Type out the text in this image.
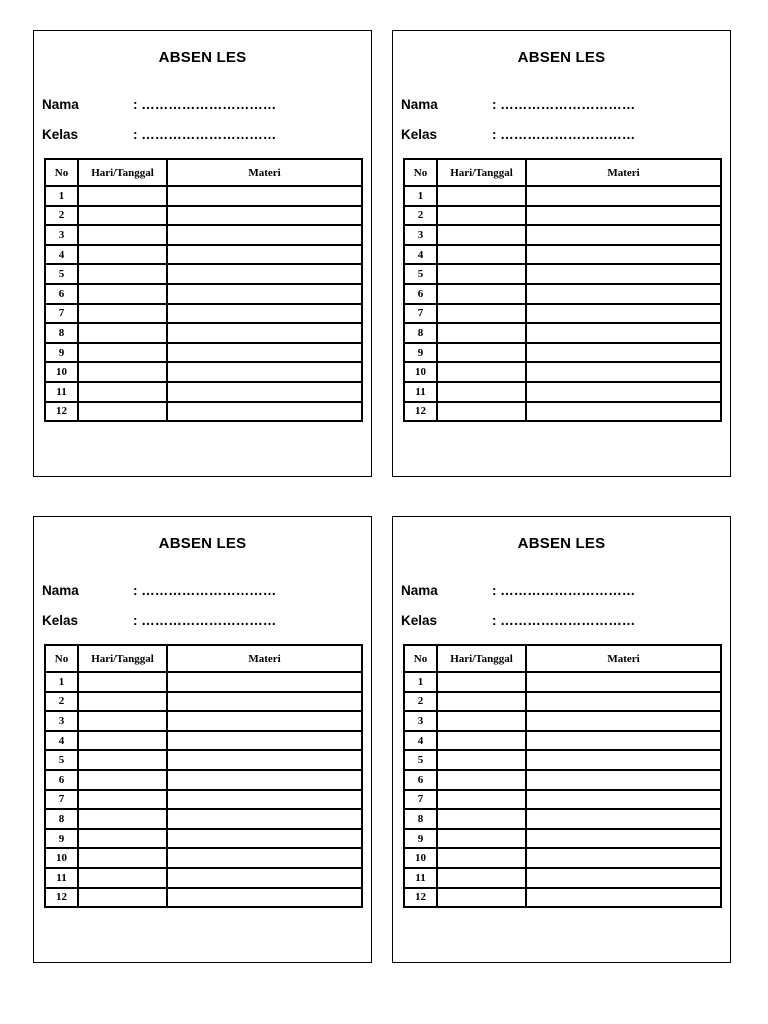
ABSEN LES
Nama	: …………………………
Kelas	: …………………………
No	Hari/Tanggal	Materi
1		
2		
3		
4		
5		
6		
7		
8		
9		
10		
11		
12		
ABSEN LES
Nama	: …………………………
Kelas	: …………………………
No	Hari/Tanggal	Materi
1		
2		
3		
4		
5		
6		
7		
8		
9		
10		
11		
12		
ABSEN LES
Nama	: …………………………
Kelas	: …………………………
No	Hari/Tanggal	Materi
1		
2		
3		
4		
5		
6		
7		
8		
9		
10		
11		
12		
ABSEN LES
Nama	: …………………………
Kelas	: …………………………
No	Hari/Tanggal	Materi
1		
2		
3		
4		
5		
6		
7		
8		
9		
10		
11		
12		
